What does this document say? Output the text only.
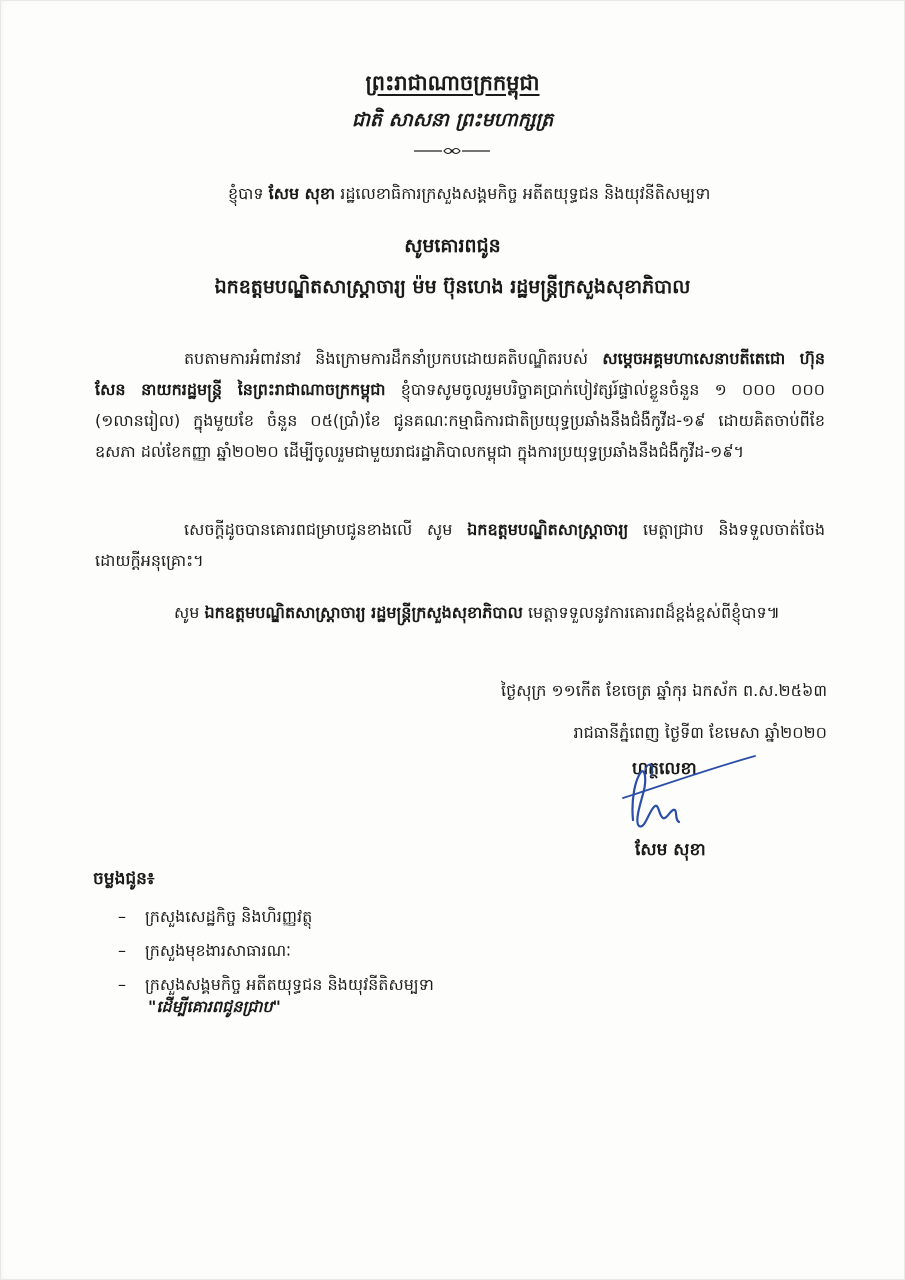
ព្រះរាជាណាចក្រកម្ពុជា
ជាតិ សាសនា ព្រះមហាក្សត្រ
ខ្ញុំបាទ សែម សុខា រដ្ឋលេខាធិការក្រសួងសង្គមកិច្ច អតីតយុទ្ធជន និងយុវនីតិសម្បទា
សូមគោរពជូន
ឯកឧត្តមបណ្ឌិតសាស្ត្រាចារ្យ ម៉ម ប៊ុនហេង រដ្ឋមន្ត្រីក្រសួងសុខាភិបាល
តបតាមការអំពាវនាវ និងក្រោមការដឹកនាំប្រកបដោយគតិបណ្ឌិតរបស់ សម្តេចអគ្គមហាសេនាបតីតេជោ ហ៊ុន សែន នាយករដ្ឋមន្ត្រី នៃព្រះរាជាណាចក្រកម្ពុជា ខ្ញុំបាទសូមចូលរួមបរិច្ចាគប្រាក់បៀវត្សរ៍ផ្ទាល់ខ្លួនចំនួន ១ ០០០ ០០០ (១លានរៀល) ក្នុងមួយខែ ចំនួន ០៥(ប្រាំ)ខែ ជូនគណៈកម្មាធិការជាតិប្រយុទ្ធប្រឆាំងនឹងជំងឺកូវីដ-១៩ ដោយគិតចាប់ពីខែឧសភា ដល់ខែកញ្ញា ឆ្នាំ២០២០ ដើម្បីចូលរួមជាមួយរាជរដ្ឋាភិបាលកម្ពុជា ក្នុងការប្រយុទ្ធប្រឆាំងនឹងជំងឺកូវីដ-១៩។
សេចក្តីដូចបានគោរពជម្រាបជូនខាងលើ សូម ឯកឧត្តមបណ្ឌិតសាស្ត្រាចារ្យ មេត្តាជ្រាប និងទទួលចាត់ចែងដោយក្តីអនុគ្រោះ។
សូម ឯកឧត្តមបណ្ឌិតសាស្ត្រាចារ្យ រដ្ឋមន្ត្រីក្រសួងសុខាភិបាល មេត្តាទទួលនូវការគោរពដ៏ខ្ពង់ខ្ពស់ពីខ្ញុំបាទ៕
ថ្ងៃសុក្រ ១១កើត ខែចេត្រ ឆ្នាំកុរ ឯកស័ក ព.ស.២៥៦៣
រាជធានីភ្នំពេញ ថ្ងៃទី៣ ខែមេសា ឆ្នាំ២០២០
ហត្ថលេខា
សែម សុខា
ចម្លងជូន៖
– ក្រសួងសេដ្ឋកិច្ច និងហិរញ្ញវត្ថុ
– ក្រសួងមុខងារសាធារណៈ
– ក្រសួងសង្គមកិច្ច អតីតយុទ្ធជន និងយុវនីតិសម្បទា
"ដើម្បីគោរពជូនជ្រាប"
